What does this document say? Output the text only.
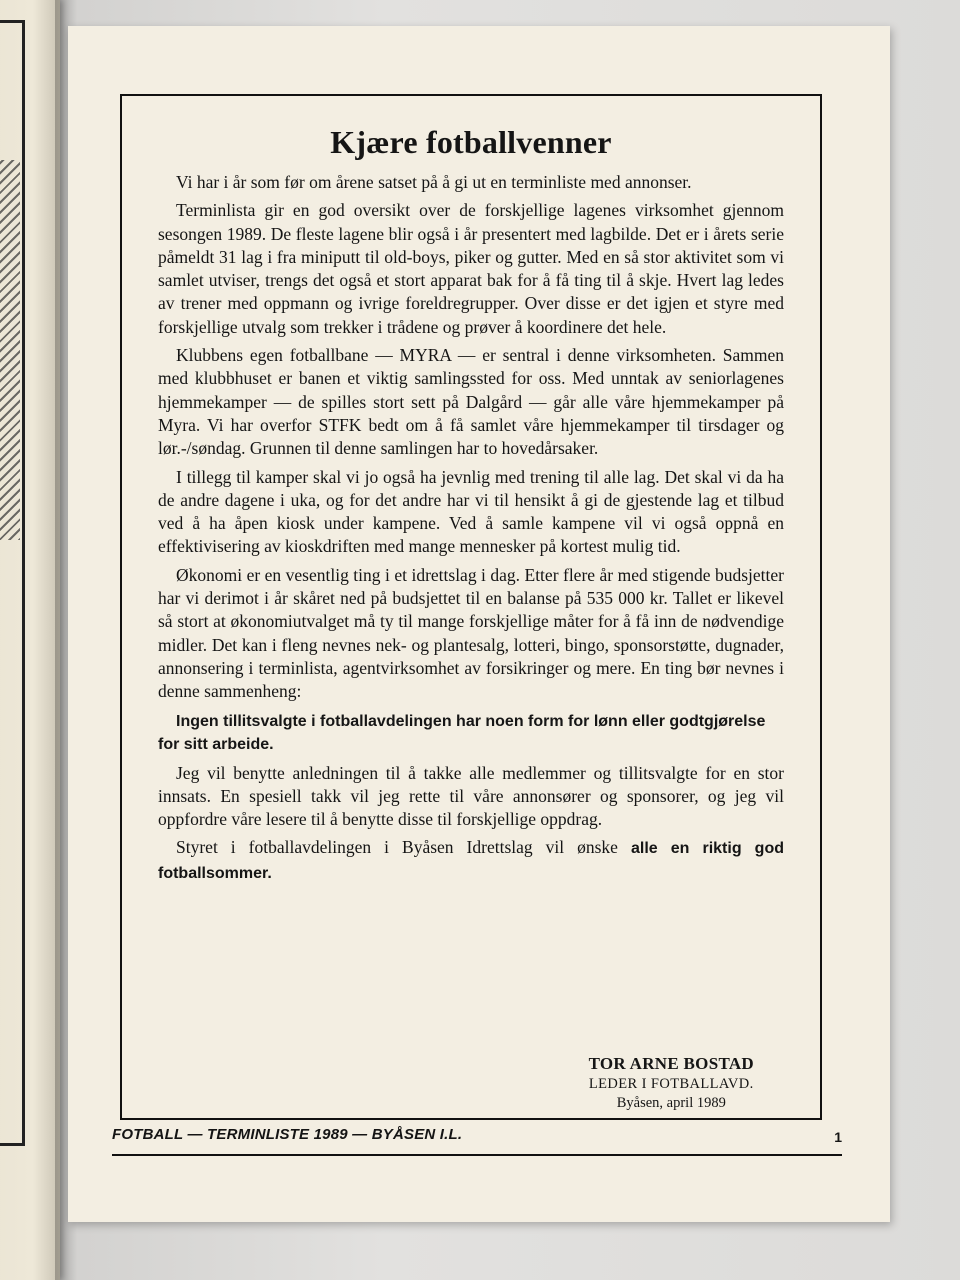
Kjære fotballvenner

Vi har i år som før om årene satset på å gi ut en terminliste med annonser.

Terminlista gir en god oversikt over de forskjellige lagenes virksomhet gjennom sesongen 1989. De fleste lagene blir også i år presentert med lagbilde. Det er i årets serie påmeldt 31 lag i fra miniputt til old-boys, piker og gutter. Med en så stor aktivitet som vi samlet utviser, trengs det også et stort apparat bak for å få ting til å skje. Hvert lag ledes av trener med oppmann og ivrige foreldregrupper. Over disse er det igjen et styre med forskjellige utvalg som trekker i trådene og prøver å koordinere det hele.

Klubbens egen fotballbane — MYRA — er sentral i denne virksomheten. Sammen med klubbhuset er banen et viktig samlingssted for oss. Med unntak av seniorlagenes hjemmekamper — de spilles stort sett på Dalgård — går alle våre hjemmekamper på Myra. Vi har overfor STFK bedt om å få samlet våre hjemmekamper til tirsdager og lør.-/søndag. Grunnen til denne samlingen har to hovedårsaker.

I tillegg til kamper skal vi jo også ha jevnlig med trening til alle lag. Det skal vi da ha de andre dagene i uka, og for det andre har vi til hensikt å gi de gjestende lag et tilbud ved å ha åpen kiosk under kampene. Ved å samle kampene vil vi også oppnå en effektivisering av kioskdriften med mange mennesker på kortest mulig tid.

Økonomi er en vesentlig ting i et idrettslag i dag. Etter flere år med stigende budsjetter har vi derimot i år skåret ned på budsjettet til en balanse på 535 000 kr. Tallet er likevel så stort at økonomiutvalget må ty til mange forskjellige måter for å få inn de nødvendige midler. Det kan i fleng nevnes nek- og plantesalg, lotteri, bingo, sponsorstøtte, dugnader, annonsering i terminlista, agentvirksomhet av forsikringer og mere. En ting bør nevnes i denne sammenheng:

Ingen tillitsvalgte i fotballavdelingen har noen form for lønn eller godtgjørelse for sitt arbeide.

Jeg vil benytte anledningen til å takke alle medlemmer og tillitsvalgte for en stor innsats. En spesiell takk vil jeg rette til våre annonsører og sponsorer, og jeg vil oppfordre våre lesere til å benytte disse til forskjellige oppdrag.

Styret i fotballavdelingen i Byåsen Idrettslag vil ønske alle en riktig god fotballsommer.

TOR ARNE BOSTAD
LEDER I FOTBALLAVD.
Byåsen, april 1989
FOTBALL — TERMINLISTE 1989 — BYÅSEN I.L.	1
